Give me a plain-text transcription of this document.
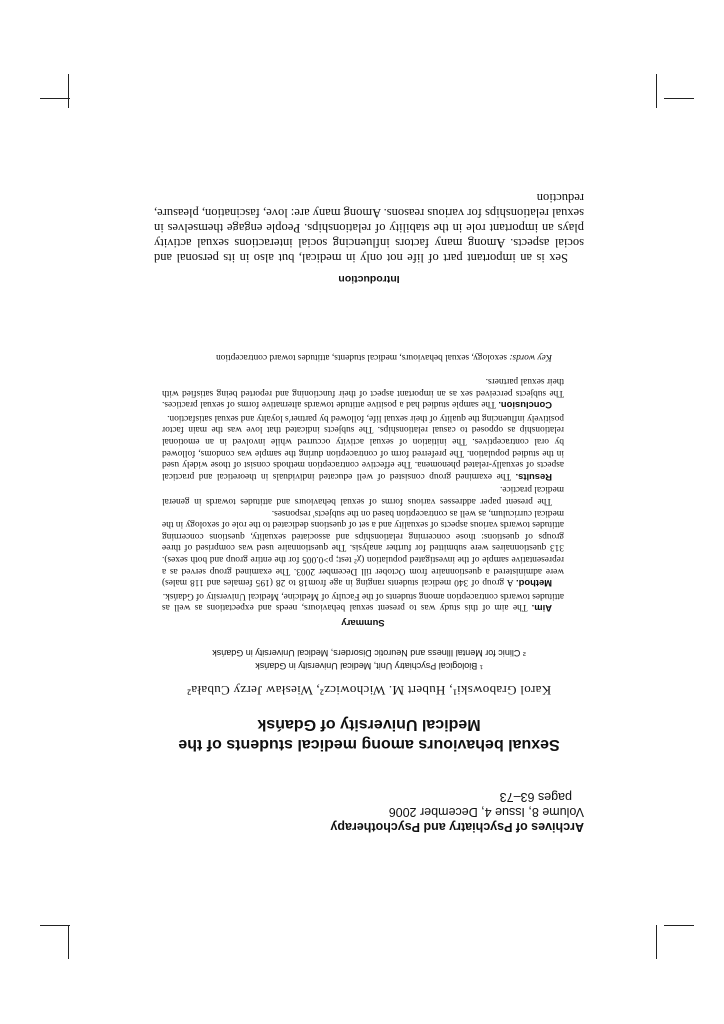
Archives of Psychiatry and Psychotherapy
Volume 8, Issue 4, December 2006
pages 63–73
Sexual behaviours among medical students of the Medical University of Gdańsk
Karol Grabowski¹, Hubert M. Wichowicz², Wiesław Jerzy Cubała²
¹ Biological Psychiatry Unit, Medical University in Gdańsk
² Clinic for Mental Illness and Neurotic Disorders, Medical University in Gdańsk
Summary

Aim. The aim of this study was to present sexual behaviours, needs and expectations as well as attitudes towards contraception among students of the Faculty of Medicine, Medical University of Gdańsk.

Method. A group of 340 medical students ranging in age from18 to 28 (195 females and 118 males) were administered a questionnaire from October till December 2003. The examined group served as a representative sample of the investigated population (χ² test; p>0.005 for the entire group and both sexes). 313 questionnaires were submitted for further analysis. The questionnaire used was comprised of three groups of questions: those concerning relationships and associated sexuality, questions concerning attitudes towards various aspects of sexuality and a set of questions dedicated to the role of sexology in the medical curriculum, as well as contraception based on the subjects' responses.

The present paper addresses various forms of sexual behaviours and attitudes towards in general medical practice.

Results. The examined group consisted of well educated individuals in theoretical and practical aspects of sexually-related phenomena. The effective contraception methods consist of those widely used in the studied population. The preferred form of contraception during the sample was condoms, followed by oral contraceptives. The initiation of sexual activity occurred while involved in an emotional relationship as opposed to casual relationships. The subjects indicated that love was the main factor positively influencing the quality of their sexual life, followed by partner's loyalty and sexual satisfaction.

Conclusion. The sample studied had a positive attitude towards alternative forms of sexual practices. The subjects perceived sex as an important aspect of their functioning and reported being satisfied with their sexual partners.

Key words: sexology, sexual behaviours, medical students, attitudes toward contraception

Introduction

Sex is an important part of life not only in medical, but also in its personal and social aspects. Among many factors influencing social interactions sexual activity plays an important role in the stability of relationships. People engage themselves in sexual relationships for various reasons. Among many are: love, fascination, pleasure, reduction
